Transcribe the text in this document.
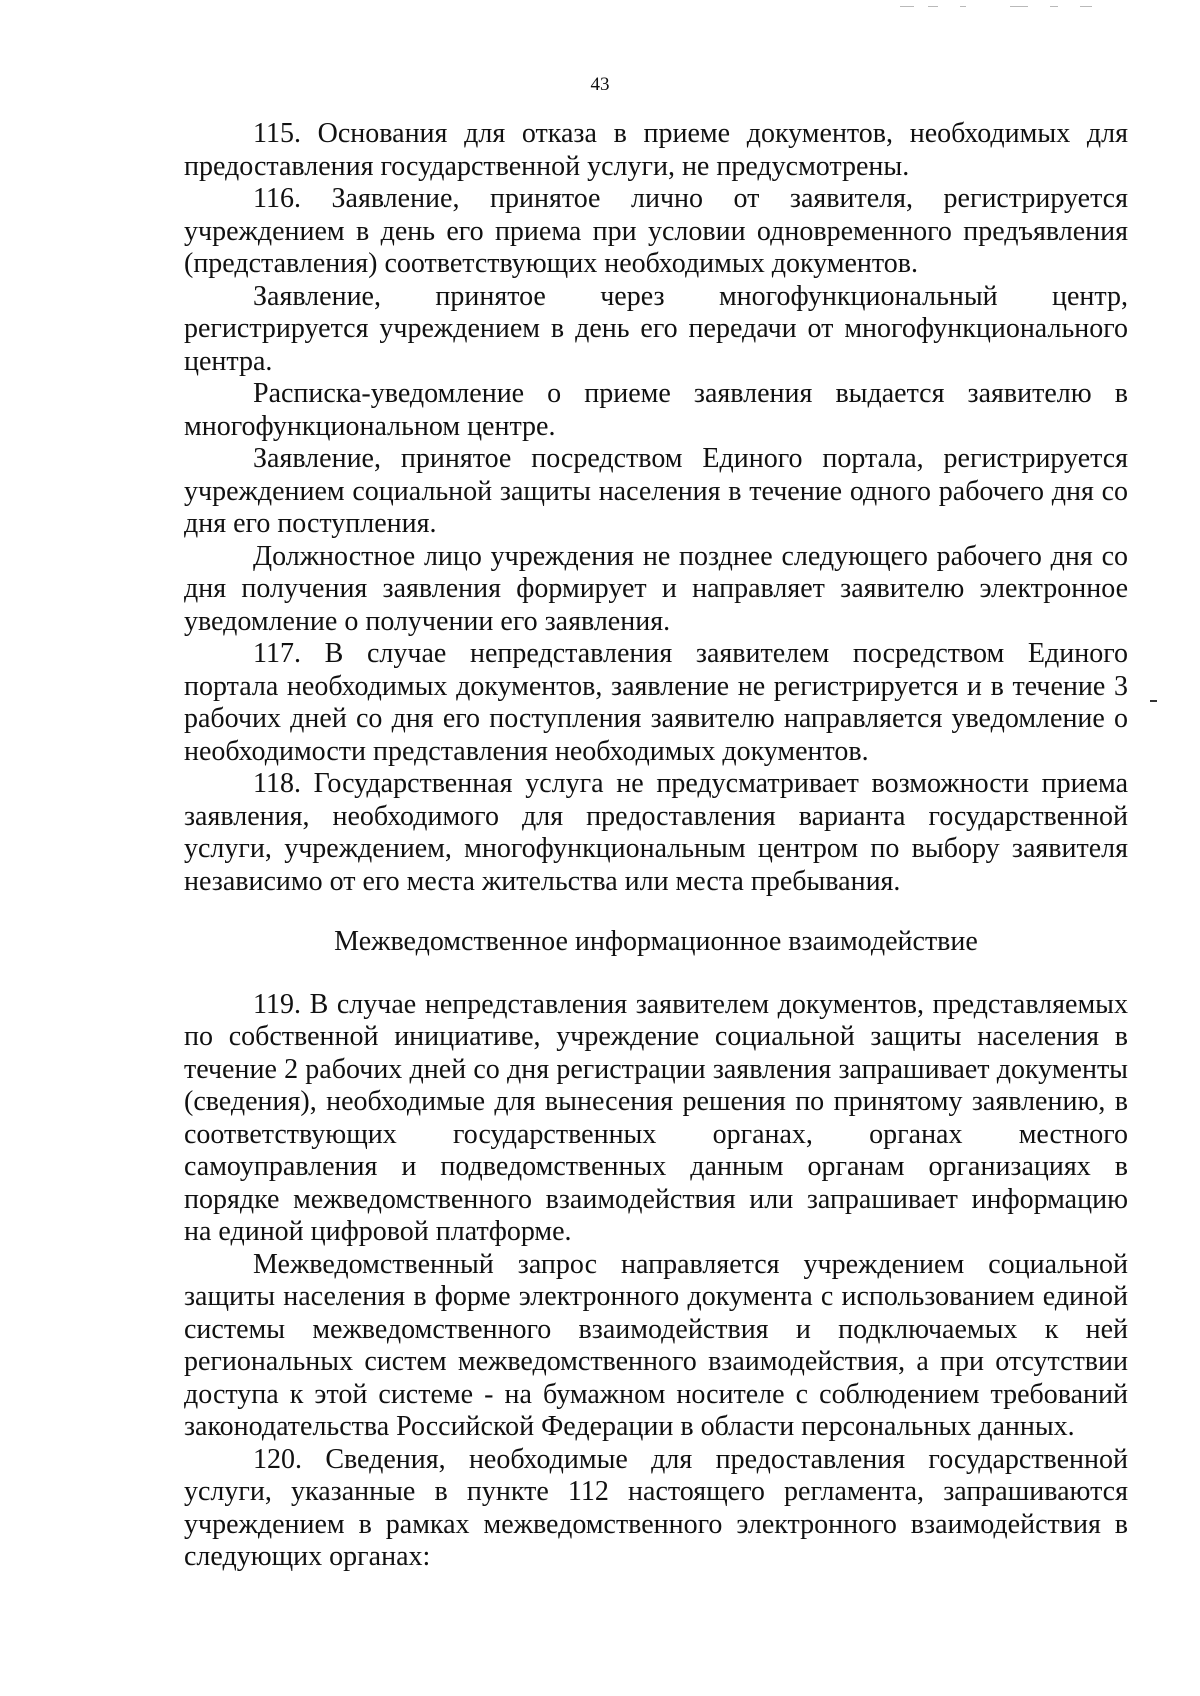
43

115. Основания для отказа в приеме документов, необходимых для предоставления государственной услуги, не предусмотрены.

116. Заявление, принятое лично от заявителя, регистрируется учреждением в день его приема при условии одновременного предъявления (представления) соответствующих необходимых документов.

Заявление, принятое через многофункциональный центр, регистрируется учреждением в день его передачи от многофункционального центра.

Расписка-уведомление о приеме заявления выдается заявителю в многофункциональном центре.

Заявление, принятое посредством Единого портала, регистрируется учреждением социальной защиты населения в течение одного рабочего дня со дня его поступления.

Должностное лицо учреждения не позднее следующего рабочего дня со дня получения заявления формирует и направляет заявителю электронное уведомление о получении его заявления.

117. В случае непредставления заявителем посредством Единого портала необходимых документов, заявление не регистрируется и в течение 3 рабочих дней со дня его поступления заявителю направляется уведомление о необходимости представления необходимых документов.

118. Государственная услуга не предусматривает возможности приема заявления, необходимого для предоставления варианта государственной услуги, учреждением, многофункциональным центром по выбору заявителя независимо от его места жительства или места пребывания.

Межведомственное информационное взаимодействие

119. В случае непредставления заявителем документов, представляемых по собственной инициативе, учреждение социальной защиты населения в течение 2 рабочих дней со дня регистрации заявления запрашивает документы (сведения), необходимые для вынесения решения по принятому заявлению, в соответствующих государственных органах, органах местного самоуправления и подведомственных данным органам организациях в порядке межведомственного взаимодействия или запрашивает информацию на единой цифровой платформе.

Межведомственный запрос направляется учреждением социальной защиты населения в форме электронного документа с использованием единой системы межведомственного взаимодействия и подключаемых к ней региональных систем межведомственного взаимодействия, а при отсутствии доступа к этой системе - на бумажном носителе с соблюдением требований законодательства Российской Федерации в области персональных данных.

120. Сведения, необходимые для предоставления государственной услуги, указанные в пункте 112 настоящего регламента, запрашиваются учреждением в рамках межведомственного электронного взаимодействия в следующих органах:
